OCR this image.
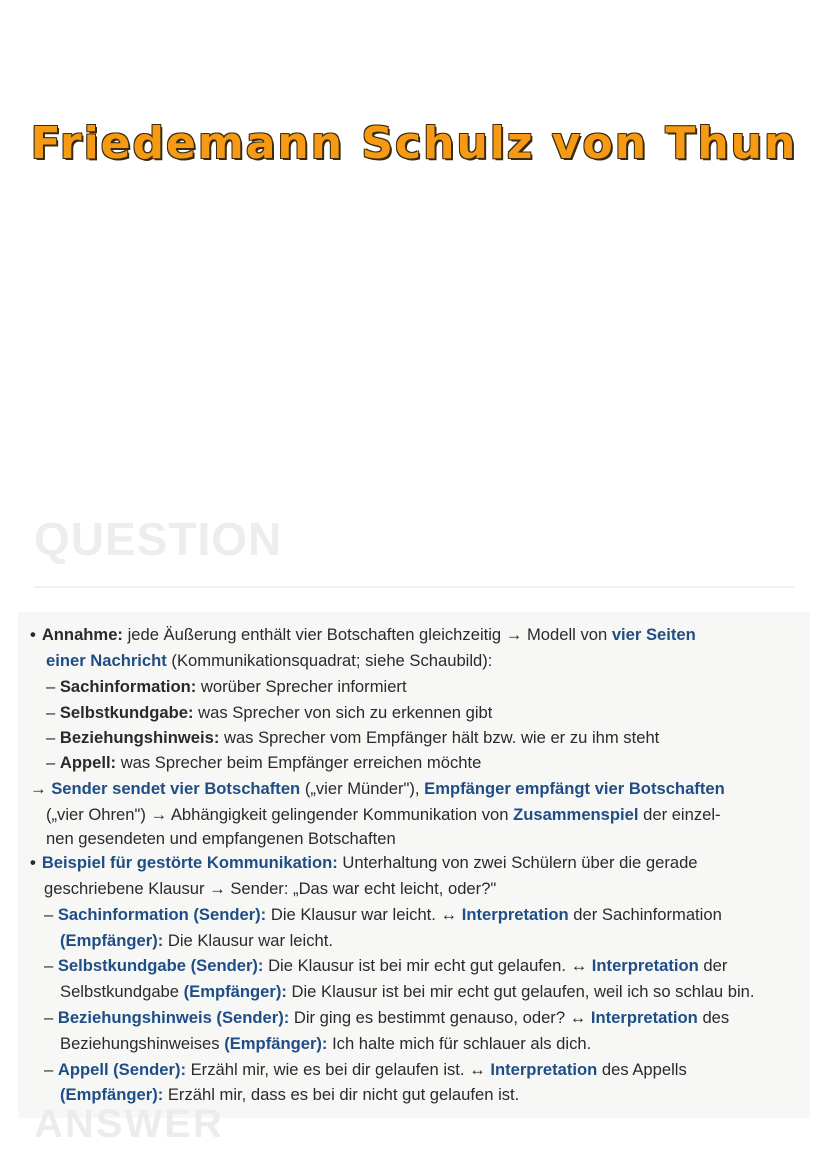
Friedemann Schulz von Thun
QUESTION
• Annahme: jede Äußerung enthält vier Botschaften gleichzeitig → Modell von vier Seiten
einer Nachricht (Kommunikationsquadrat; siehe Schaubild):
– Sachinformation: worüber Sprecher informiert
– Selbstkundgabe: was Sprecher von sich zu erkennen gibt
– Beziehungshinweis: was Sprecher vom Empfänger hält bzw. wie er zu ihm steht
– Appell: was Sprecher beim Empfänger erreichen möchte
→ Sender sendet vier Botschaften („vier Münder"), Empfänger empfängt vier Botschaften
(„vier Ohren") → Abhängigkeit gelingender Kommunikation von Zusammenspiel der einzel-
nen gesendeten und empfangenen Botschaften
• Beispiel für gestörte Kommunikation: Unterhaltung von zwei Schülern über die gerade
geschriebene Klausur → Sender: „Das war echt leicht, oder?"
– Sachinformation (Sender): Die Klausur war leicht. ↔ Interpretation der Sachinformation
(Empfänger): Die Klausur war leicht.
– Selbstkundgabe (Sender): Die Klausur ist bei mir echt gut gelaufen. ↔ Interpretation der
Selbstkundgabe (Empfänger): Die Klausur ist bei mir echt gut gelaufen, weil ich so schlau bin.
– Beziehungshinweis (Sender): Dir ging es bestimmt genauso, oder? ↔ Interpretation des
Beziehungshinweises (Empfänger): Ich halte mich für schlauer als dich.
– Appell (Sender): Erzähl mir, wie es bei dir gelaufen ist. ↔ Interpretation des Appells
(Empfänger): Erzähl mir, dass es bei dir nicht gut gelaufen ist.
ANSWER
